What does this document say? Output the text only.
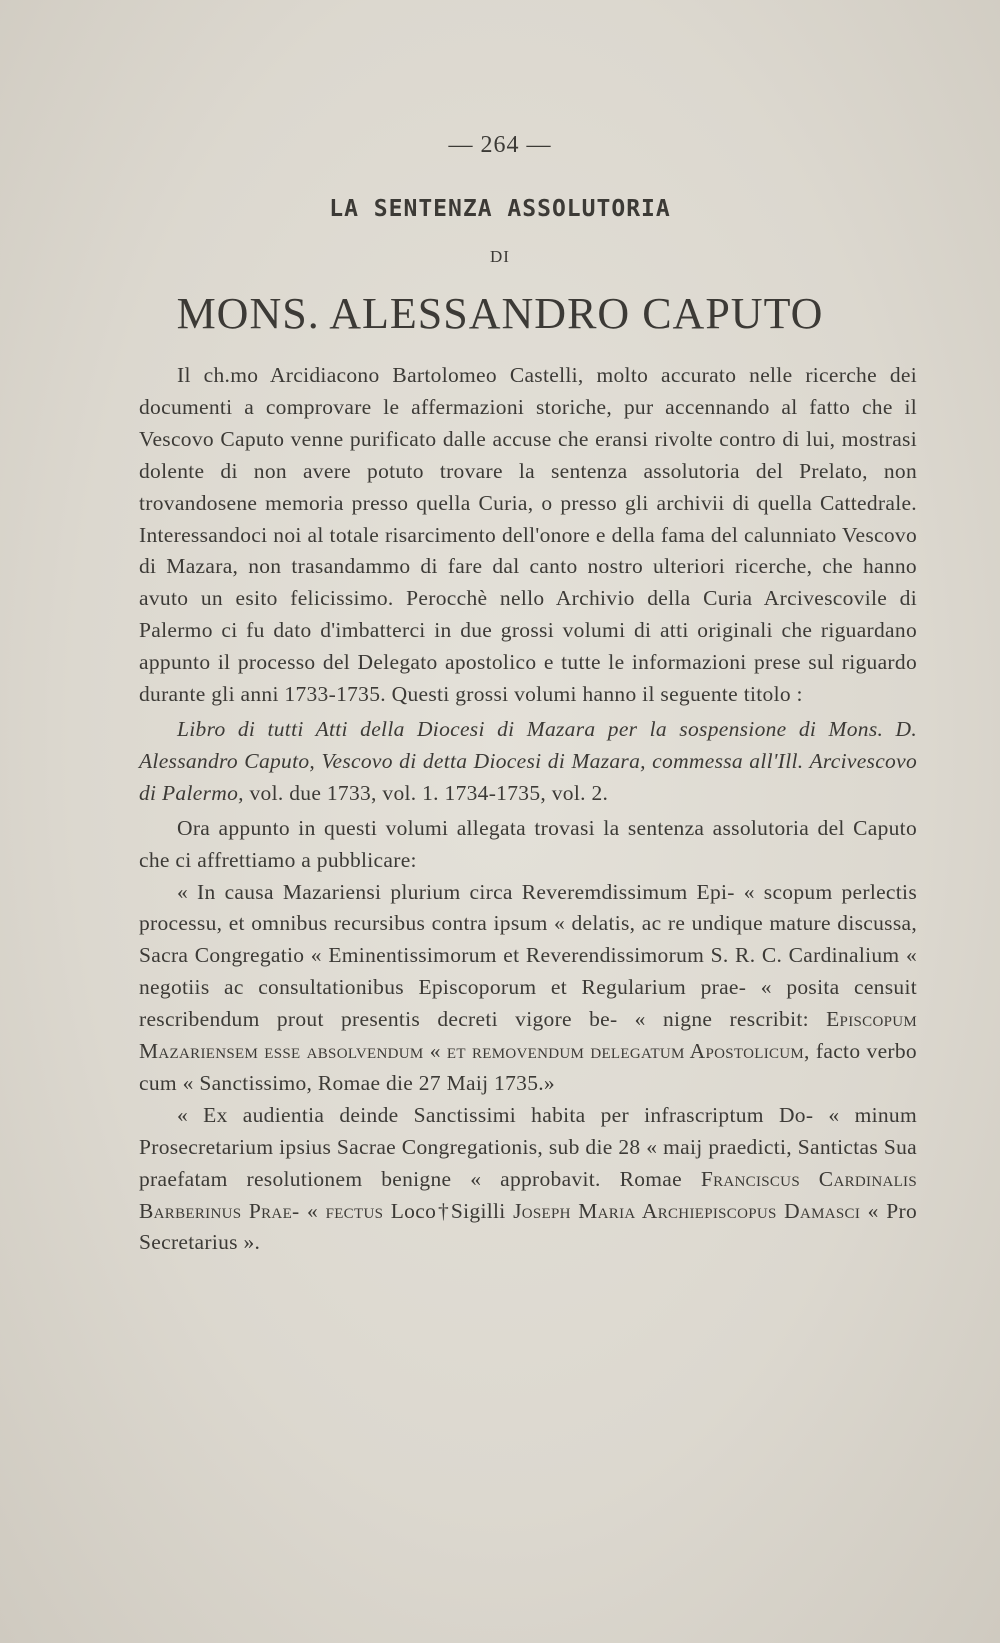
— 264 —
LA SENTENZA ASSOLUTORIA
DI
MONS. ALESSANDRO CAPUTO

Il ch.mo Arcidiacono Bartolomeo Castelli, molto accurato nelle ricerche dei documenti a comprovare le affermazioni storiche, pur accennando al fatto che il Vescovo Caputo venne purificato dalle accuse che eransi rivolte contro di lui, mostrasi dolente di non avere potuto trovare la sentenza assolutoria del Prelato, non trovandosene memoria presso quella Curia, o presso gli archivii di quella Cattedrale. Interessandoci noi al totale risarcimento dell'onore e della fama del calunniato Vescovo di Mazara, non trasandammo di fare dal canto nostro ulteriori ricerche, che hanno avuto un esito felicissimo. Perocchè nello Archivio della Curia Arcivescovile di Palermo ci fu dato d'imbatterci in due grossi volumi di atti originali che riguardano appunto il processo del Delegato apostolico e tutte le informazioni prese sul riguardo durante gli anni 1733-1735. Questi grossi volumi hanno il seguente titolo :

Libro di tutti Atti della Diocesi di Mazara per la sospensione di Mons. D. Alessandro Caputo, Vescovo di detta Diocesi di Mazara, commessa all'Ill. Arcivescovo di Palermo, vol. due 1733, vol. 1. 1734-1735, vol. 2.

Ora appunto in questi volumi allegata trovasi la sentenza assolutoria del Caputo che ci affrettiamo a pubblicare:

« In causa Mazariensi plurium circa Reveremdissimum Epi- « scopum perlectis processu, et omnibus recursibus contra ipsum « delatis, ac re undique mature discussa, Sacra Congregatio « Eminentissimorum et Reverendissimorum S. R. C. Cardinalium « negotiis ac consultationibus Episcoporum et Regularium prae- « posita censuit rescribendum prout presentis decreti vigore be- « nigne rescribit: Episcopum Mazariensem esse absolvendum « et removendum delegatum Apostolicum, facto verbo cum « Sanctissimo, Romae die 27 Maij 1735.»

« Ex audientia deinde Sanctissimi habita per infrascriptum Do- « minum Prosecretarium ipsius Sacrae Congregationis, sub die 28 « maij praedicti, Santictas Sua praefatam resolutionem benigne « approbavit. Romae Franciscus Cardinalis Barberinus Prae- « fectus Loco†Sigilli Joseph Maria Archiepiscopus Damasci « Pro Secretarius ».
